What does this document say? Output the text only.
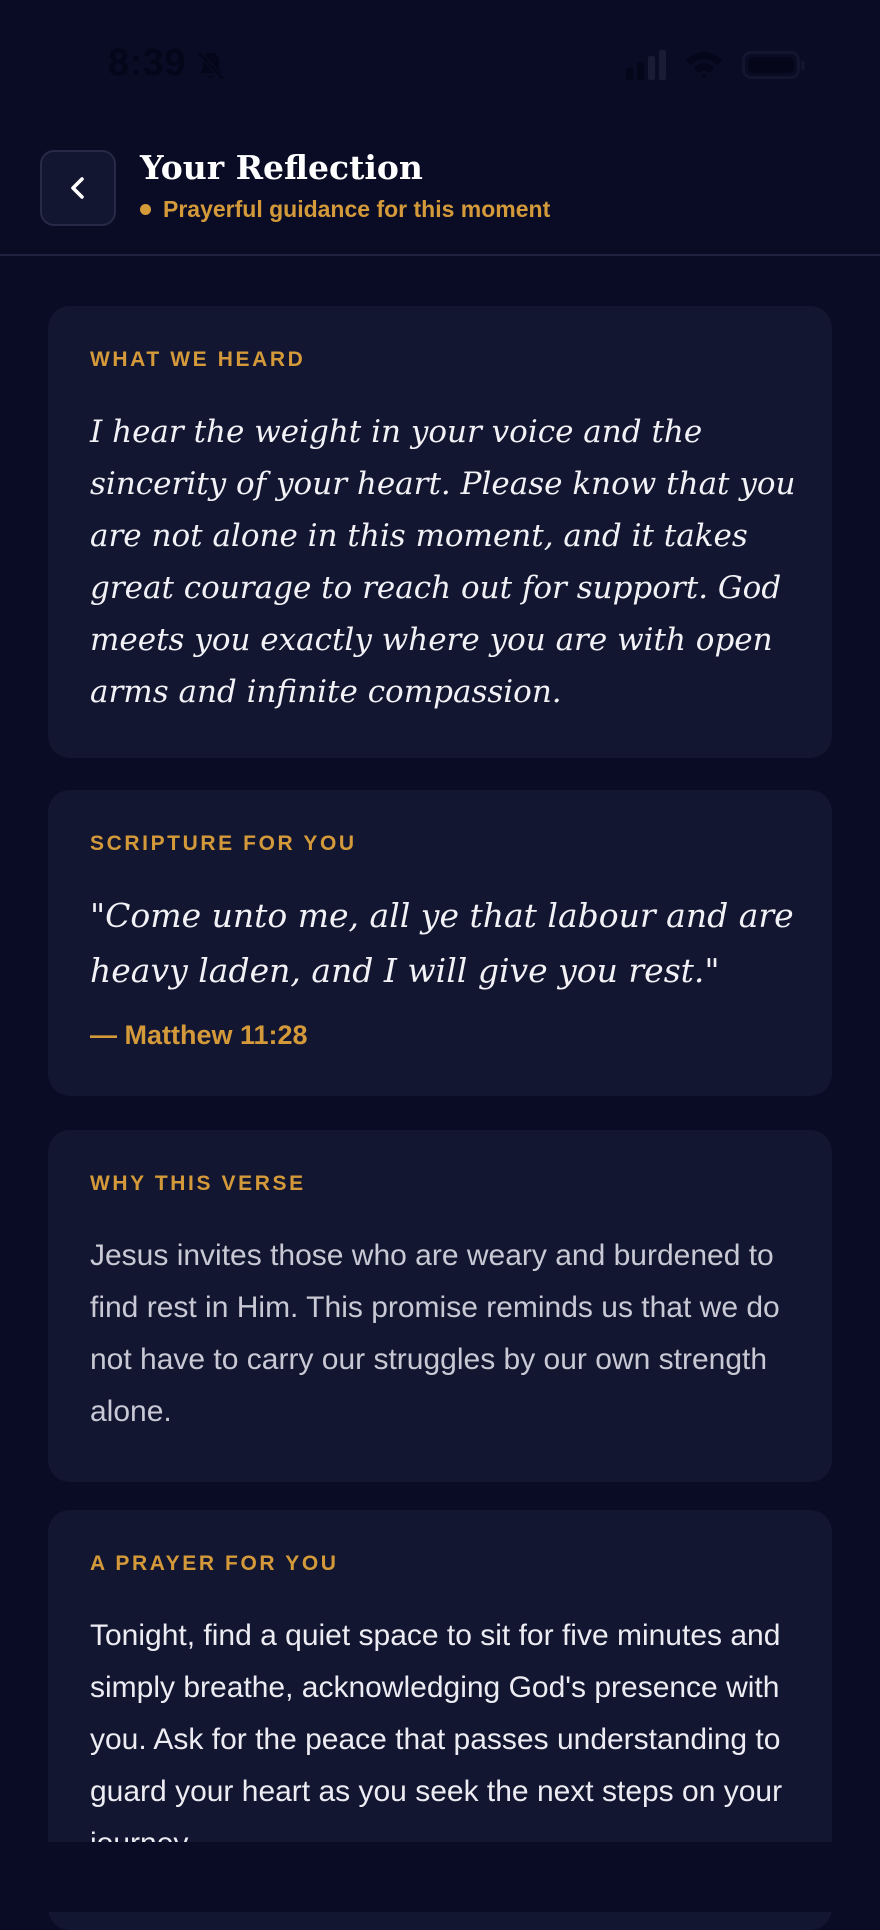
8:39
Your Reflection
Prayerful guidance for this moment
WHAT WE HEARD

I hear the weight in your voice and the sincerity of your heart. Please know that you are not alone in this moment, and it takes great courage to reach out for support. God meets you exactly where you are with open arms and infinite compassion.

SCRIPTURE FOR YOU

"Come unto me, all ye that labour and are heavy laden, and I will give you rest."

— Matthew 11:28
WHY THIS VERSE

Jesus invites those who are weary and burdened to find rest in Him. This promise reminds us that we do not have to carry our struggles by our own strength alone.

A PRAYER FOR YOU

Tonight, find a quiet space to sit for five minutes and simply breathe, acknowledging God's presence with you. Ask for the peace that passes understanding to guard your heart as you seek the next steps on your
